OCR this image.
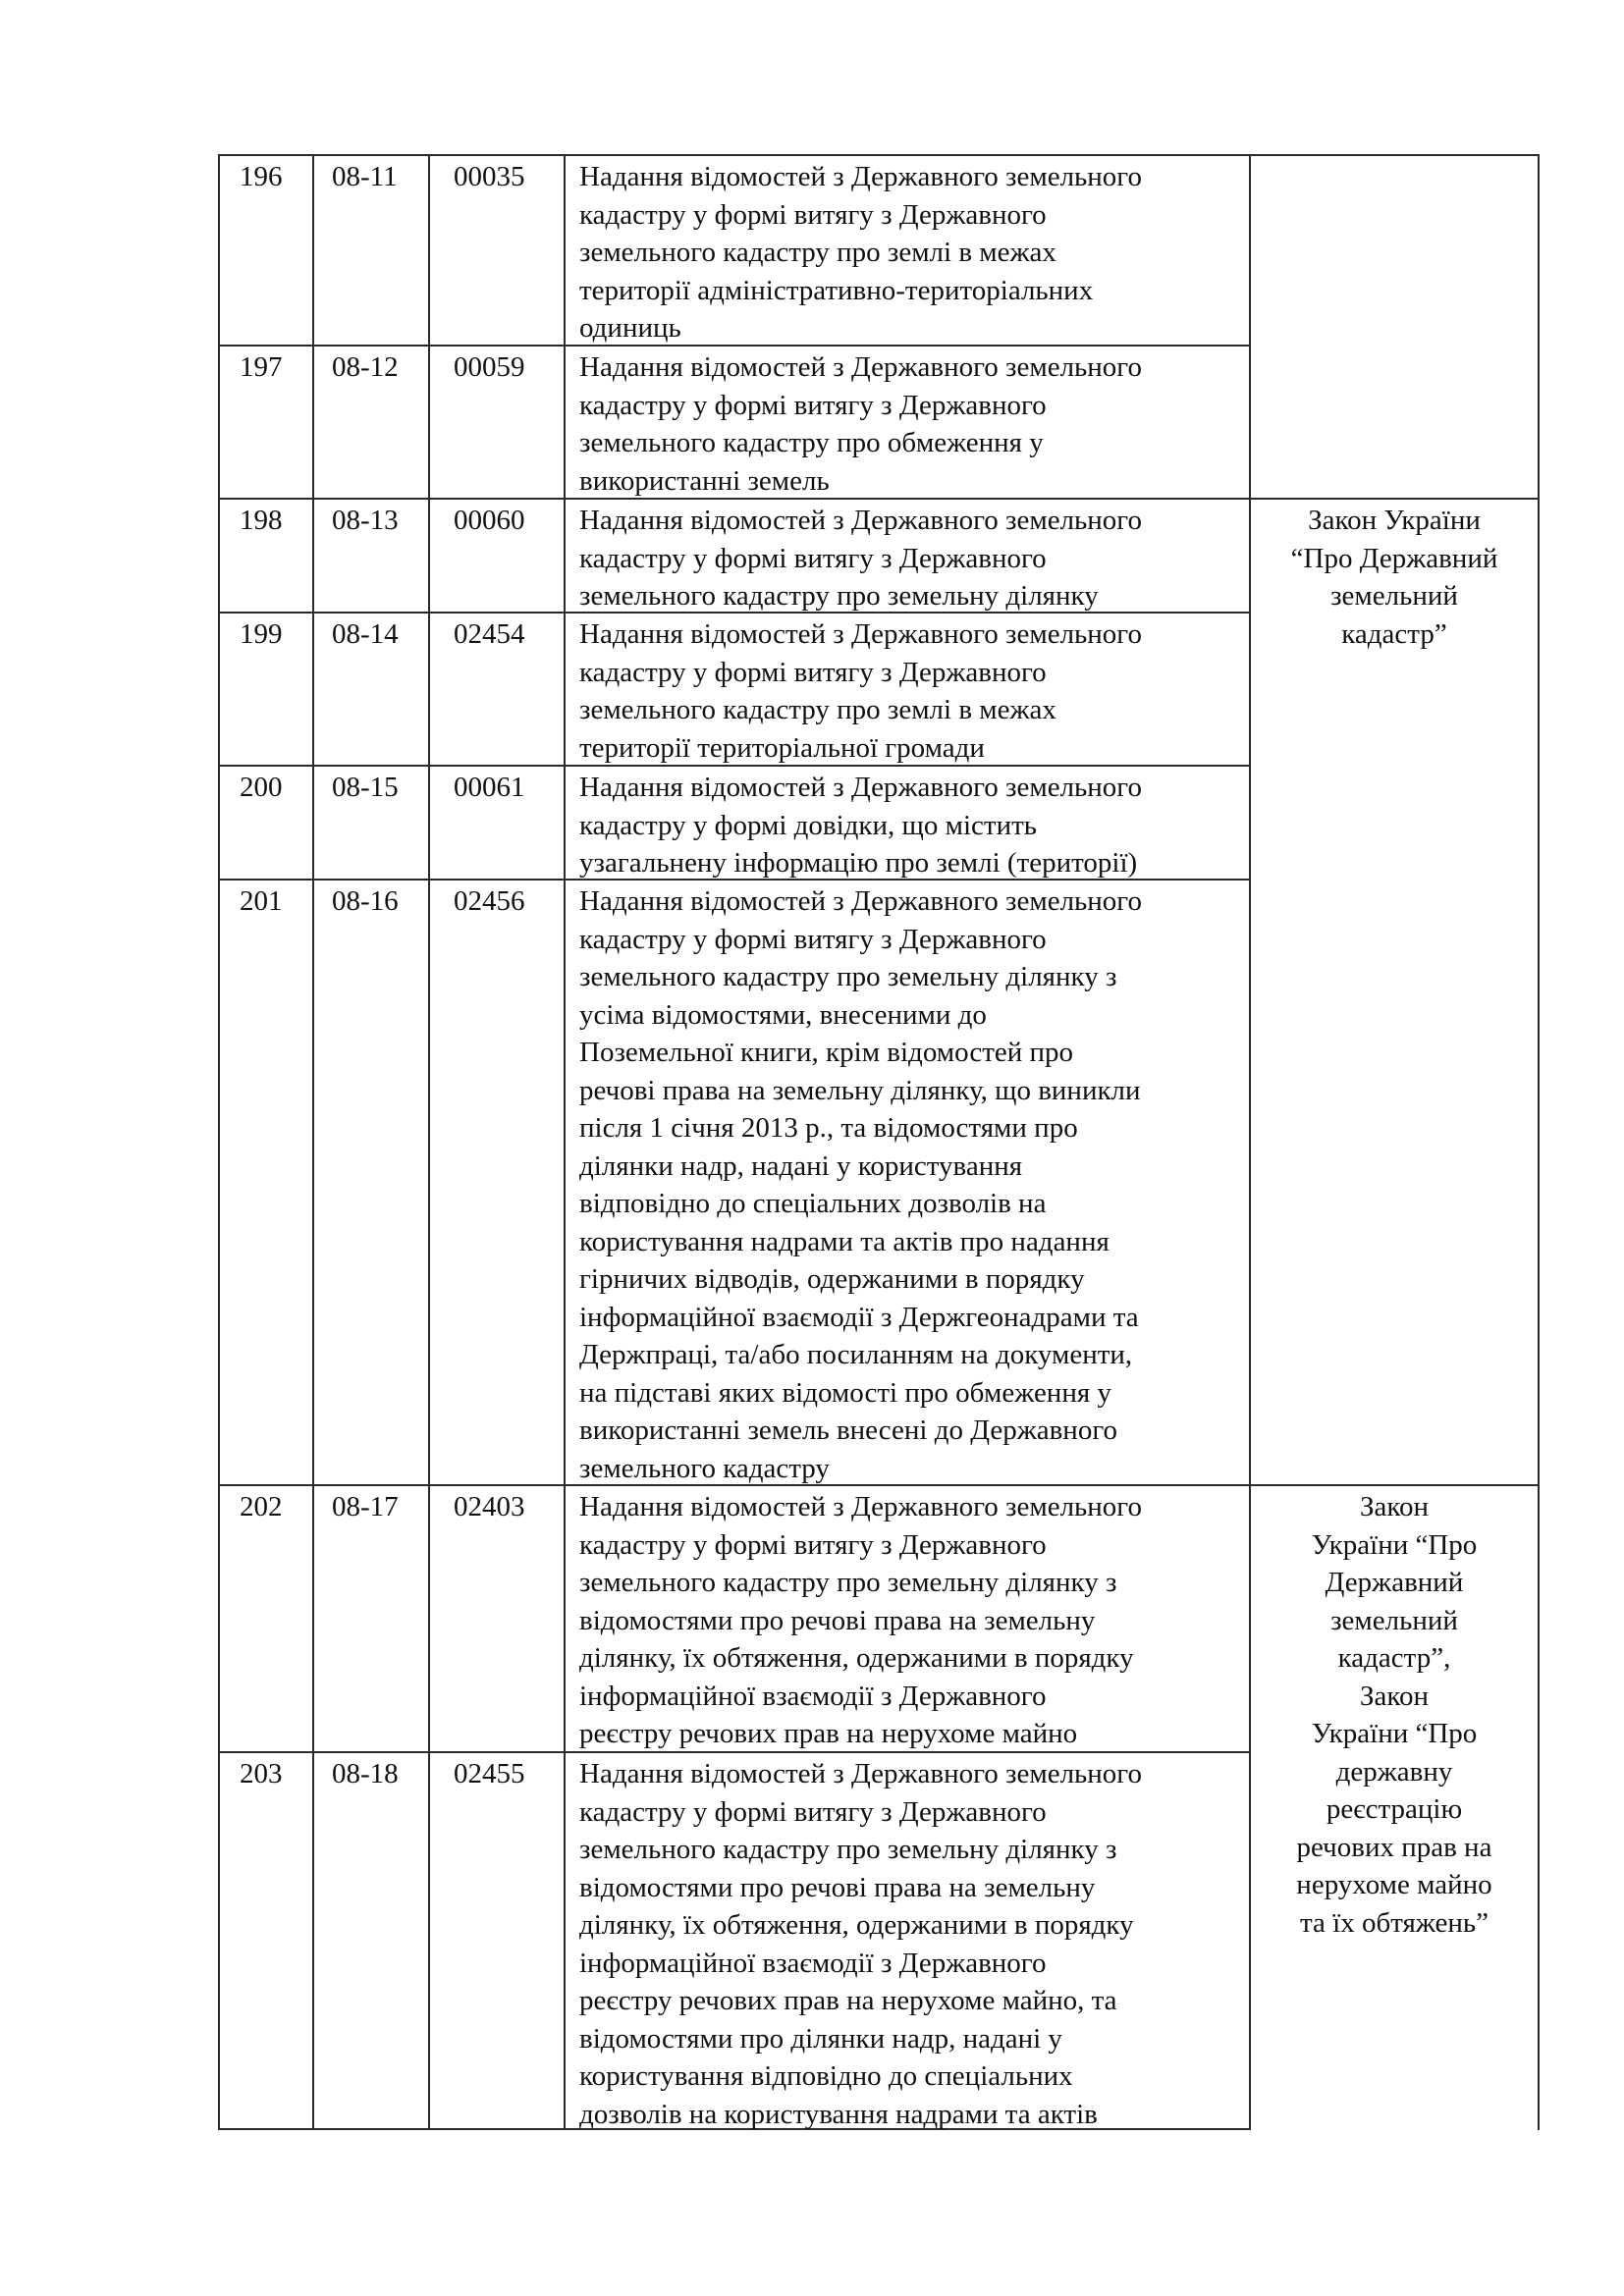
196 08-11 00035 Надання відомостей з Державного земельного
кадастру у формі витягу з Державного
земельного кадастру про землі в межах
території адміністративно-територіальних
одиниць
197 08-12 00059 Надання відомостей з Державного земельного
кадастру у формі витягу з Державного
земельного кадастру про обмеження у
використанні земель
198 08-13 00060 Надання відомостей з Державного земельного
кадастру у формі витягу з Державного
земельного кадастру про земельну ділянку
199 08-14 02454 Надання відомостей з Державного земельного
кадастру у формі витягу з Державного
земельного кадастру про землі в межах
території територіальної громади
200 08-15 00061 Надання відомостей з Державного земельного
кадастру у формі довідки, що містить
узагальнену інформацію про землі (території)
201 08-16 02456 Надання відомостей з Державного земельного
кадастру у формі витягу з Державного
земельного кадастру про земельну ділянку з
усіма відомостями, внесеними до
Поземельної книги, крім відомостей про
речові права на земельну ділянку, що виникли
після 1 січня 2013 р., та відомостями про
ділянки надр, надані у користування
відповідно до спеціальних дозволів на
користування надрами та актів про надання
гірничих відводів, одержаними в порядку
інформаційної взаємодії з Держгеонадрами та
Держпраці, та/або посиланням на документи,
на підставі яких відомості про обмеження у
використанні земель внесені до Державного
земельного кадастру
202 08-17 02403 Надання відомостей з Державного земельного
кадастру у формі витягу з Державного
земельного кадастру про земельну ділянку з
відомостями про речові права на земельну
ділянку, їх обтяження, одержаними в порядку
інформаційної взаємодії з Державного
реєстру речових прав на нерухоме майно
203 08-18 02455 Надання відомостей з Державного земельного
кадастру у формі витягу з Державного
земельного кадастру про земельну ділянку з
відомостями про речові права на земельну
ділянку, їх обтяження, одержаними в порядку
інформаційної взаємодії з Державного
реєстру речових прав на нерухоме майно, та
відомостями про ділянки надр, надані у
користування відповідно до спеціальних
дозволів на користування надрами та актів
Закон України
“Про Державний
земельний
кадастр”
Закон
України “Про
Державний
земельний
кадастр”,
Закон
України “Про
державну
реєстрацію
речових прав на
нерухоме майно
та їх обтяжень”
